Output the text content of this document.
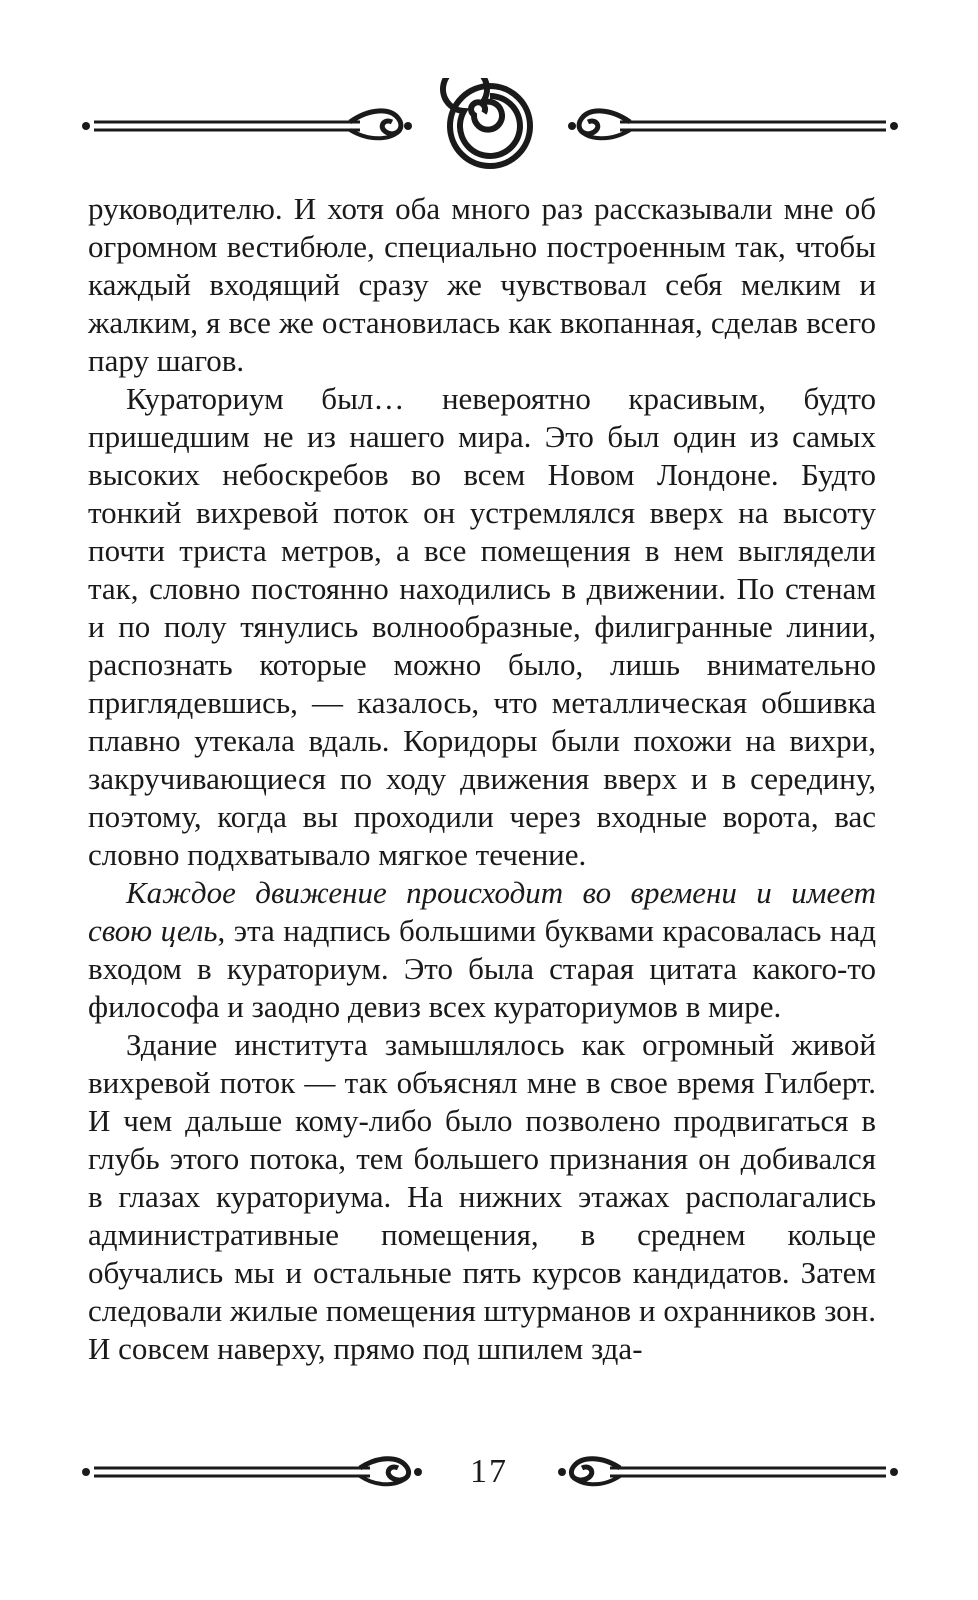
руководителю. И хотя оба много раз рассказывали мне об огромном вестибюле, специально построенным так, чтобы каждый входящий сразу же чувствовал себя мелким и жалким, я все же остановилась как вкопанная, сделав всего пару шагов.

Кураториум был… невероятно красивым, будто пришедшим не из нашего мира. Это был один из самых высоких небоскребов во всем Новом Лондоне. Будто тонкий вихревой поток он устремлялся вверх на высоту почти триста метров, а все помещения в нем выглядели так, словно постоянно находились в движении. По стенам и по полу тянулись волнообразные, филигранные линии, распознать которые можно было, лишь внимательно приглядевшись, — казалось, что металлическая обшивка плавно утекала вдаль. Коридоры были похожи на вихри, закручивающиеся по ходу движения вверх и в середину, поэтому, когда вы проходили через входные ворота, вас словно подхватывало мягкое течение.

Каждое движение происходит во времени и имеет свою цель, эта надпись большими буквами красовалась над входом в кураториум. Это была старая цитата какого-то философа и заодно девиз всех кураториумов в мире.

Здание института замышлялось как огромный живой вихревой поток — так объяснял мне в свое время Гилберт. И чем дальше кому-либо было позволено продвигаться в глубь этого потока, тем большего признания он добивался в глазах кураториума. На нижних этажах располагались административные помещения, в среднем кольце обучались мы и остальные пять курсов кандидатов. Затем следовали жилые помещения штурманов и охранников зон. И совсем наверху, прямо под шпилем зда-

17
